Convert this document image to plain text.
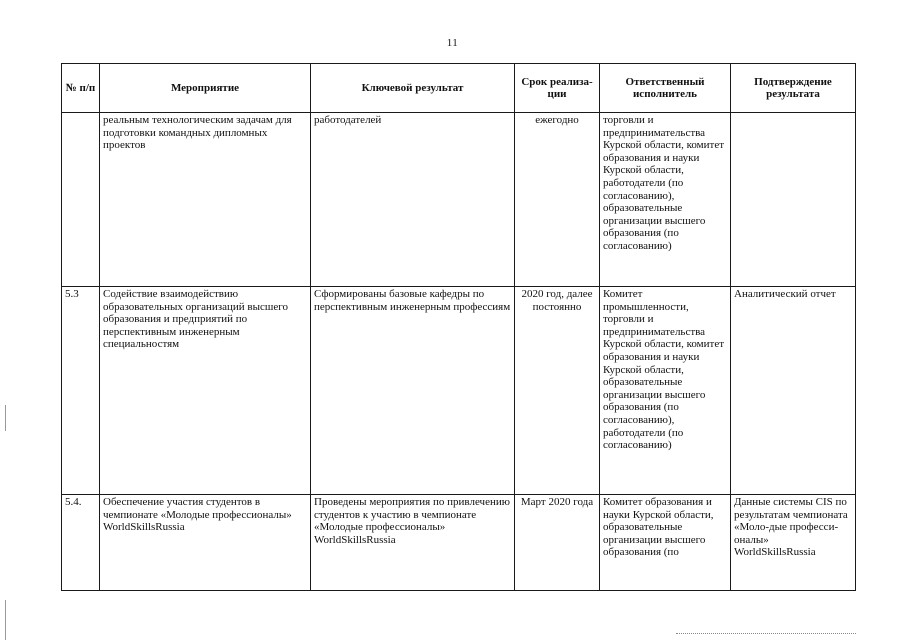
11
№ п/п	Мероприятие	Ключевой результат	Срок реализа-ции	Ответственный исполнитель	Подтверждение результата
	реальным технологическим задачам для подготовки командных дипломных проектов	работодателей	ежегодно	торговли и предпринимательства Курской области, комитет образования и науки Курской области, работодатели (по согласованию), образовательные организации высшего образования (по согласованию)	
5.3	Содействие взаимодействию образовательных организаций высшего образования и предприятий по перспективным инженерным специальностям	Сформированы базовые кафедры по перспективным инженерным профессиям	2020 год, далее постоянно	Комитет промышленности, торговли и предпринимательства Курской области, комитет образования и науки Курской области, образовательные организации высшего образования (по согласованию), работодатели (по согласованию)	Аналитический отчет
5.4.	Обеспечение участия студентов в чемпионате «Молодые профессионалы» WorldSkillsRussia	Проведены мероприятия по привлечению студентов к участию в чемпионате «Молодые профессионалы» WorldSkillsRussia	Март 2020 года	Комитет образования и науки Курской области, образовательные организации высшего образования (по	Данные системы CIS по результатам чемпионата «Моло-дые професси-оналы» WorldSkillsRussia
